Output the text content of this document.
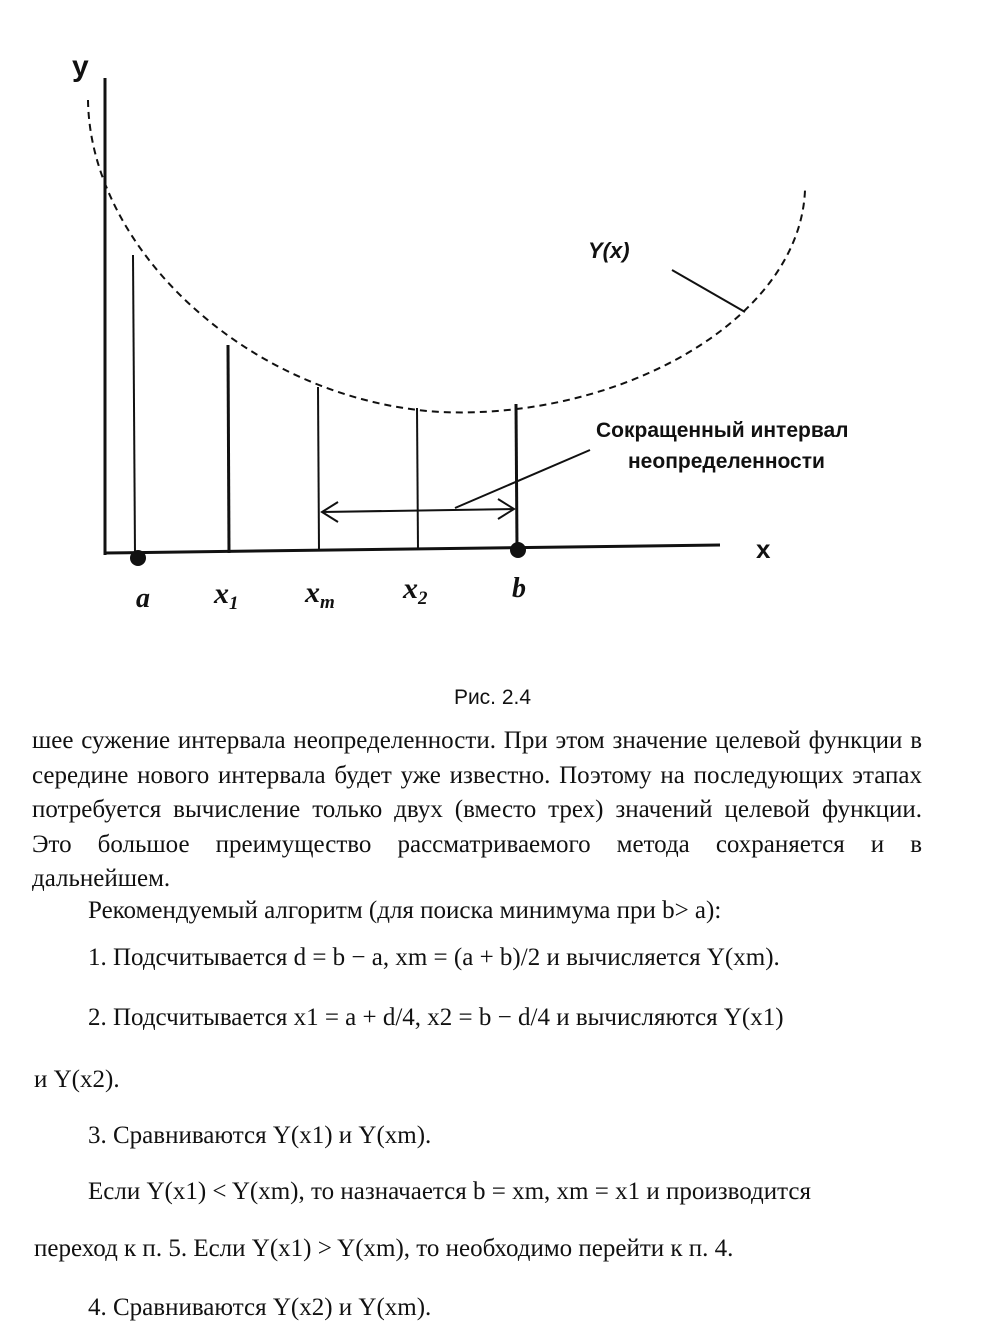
y
x
Y(x)
Сокращенный интервал
неопределенности
a $x_1$ $x_m$ $x_2$	b
Рис. 2.4
шее сужение интервала неопределенности. При этом значение целевой функции в середине нового интервала будет уже известно. Поэтому на последующих этапах потребуется вычисление только двух (вместо трех) значений целевой функции. Это большое преимущество рассматриваемого метода сохраняется и в дальнейшем.
Рекомендуемый алгоритм (для поиска минимума при b> a):
1. Подсчитывается d = b − a, xm = (a + b)/2 и вычисляется Y(xm).
2. Подсчитывается x1 = a + d/4, x2 = b − d/4 и вычисляются Y(x1)
и Y(x2).
3. Сравниваются Y(x1) и Y(xm).
Если Y(x1) < Y(xm), то назначается b = xm, xm = x1 и производится
переход к п. 5. Если Y(x1) > Y(xm), то необходимо перейти к п. 4.
4. Сравниваются Y(x2) и Y(xm).
